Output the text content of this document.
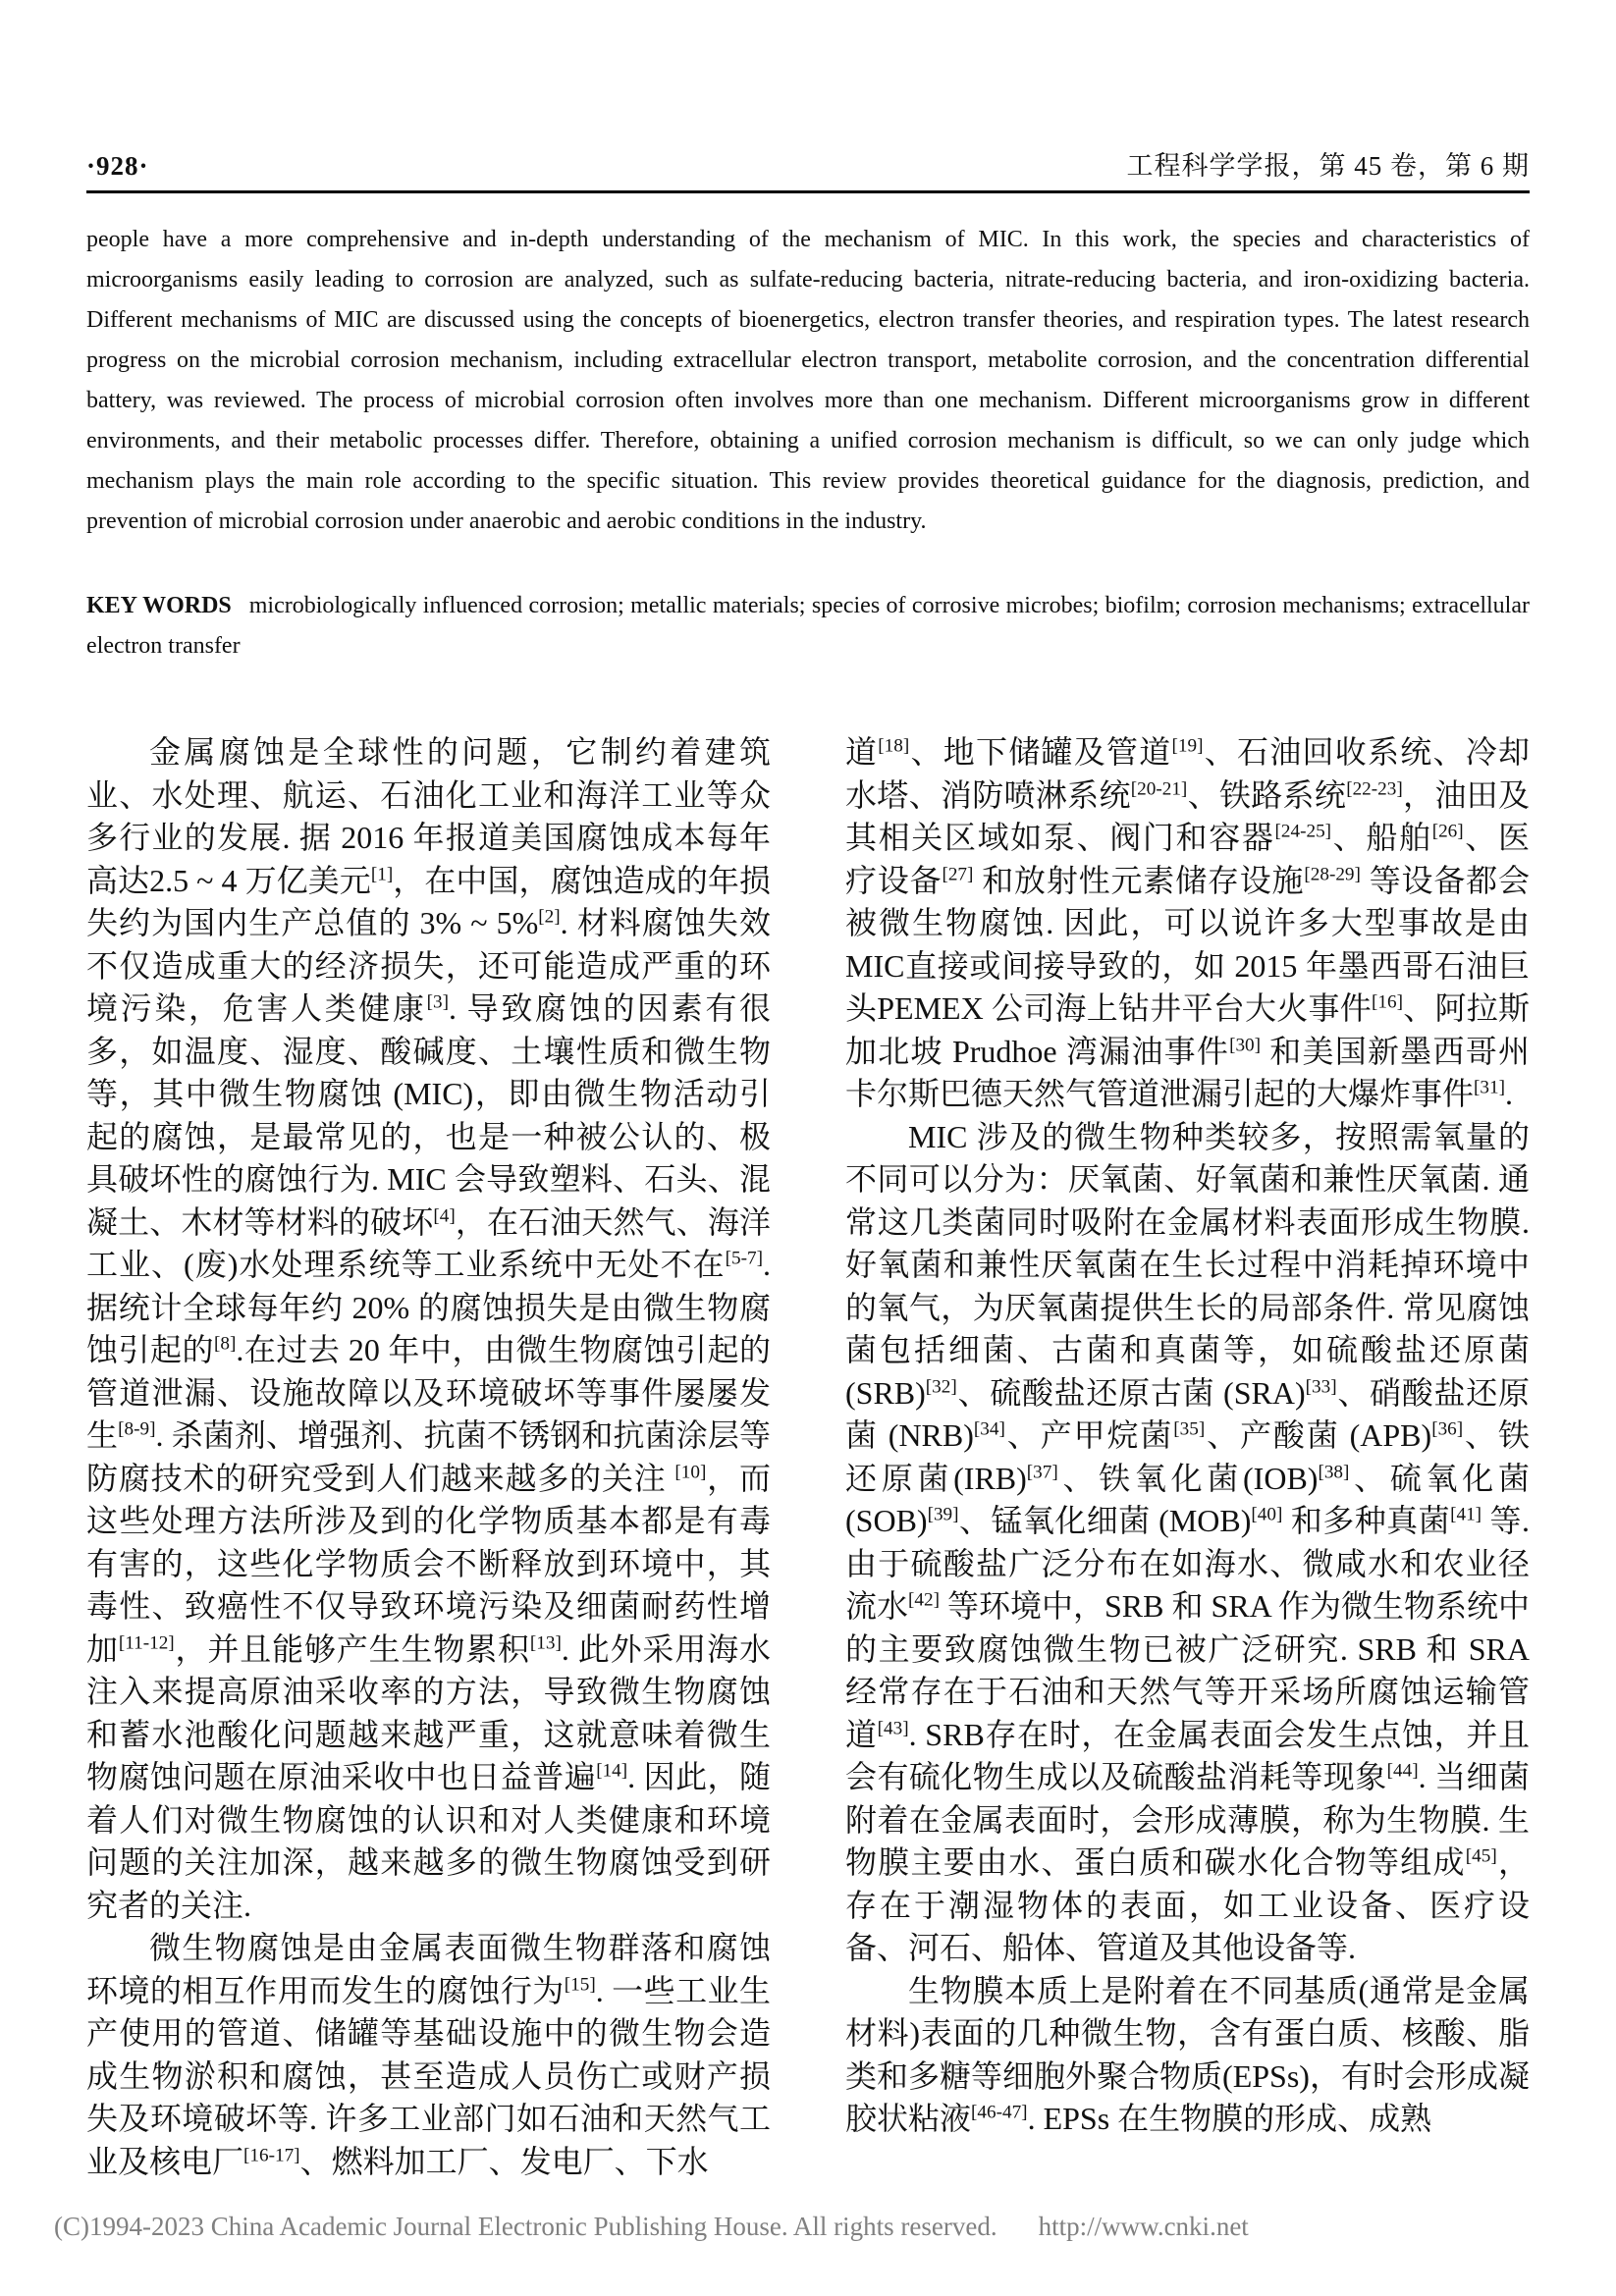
·928·	工程科学学报，第 45 卷，第 6 期

people have a more comprehensive and in-depth understanding of the mechanism of MIC. In this work, the species and characteristics of microorganisms easily leading to corrosion are analyzed, such as sulfate-reducing bacteria, nitrate-reducing bacteria, and iron-oxidizing bacteria. Different mechanisms of MIC are discussed using the concepts of bioenergetics, electron transfer theories, and respiration types. The latest research progress on the microbial corrosion mechanism, including extracellular electron transport, metabolite corrosion, and the concentration differential battery, was reviewed. The process of microbial corrosion often involves more than one mechanism. Different microorganisms grow in different environments, and their metabolic processes differ. Therefore, obtaining a unified corrosion mechanism is difficult, so we can only judge which mechanism plays the main role according to the specific situation. This review provides theoretical guidance for the diagnosis, prediction, and prevention of microbial corrosion under anaerobic and aerobic conditions in the industry.

KEY WORDS microbiologically influenced corrosion; metallic materials; species of corrosive microbes; biofilm; corrosion mechanisms; extracellular electron transfer

金属腐蚀是全球性的问题，它制约着建筑业、水处理、航运、石油化工业和海洋工业等众多行业的发展. 据 2016 年报道美国腐蚀成本每年高达2.5 ~ 4 万亿美元[1]，在中国，腐蚀造成的年损失约为国内生产总值的 3% ~ 5%[2]. 材料腐蚀失效不仅造成重大的经济损失，还可能造成严重的环境污染，危害人类健康[3]. 导致腐蚀的因素有很多，如温度、湿度、酸碱度、土壤性质和微生物等，其中微生物腐蚀 (MIC)，即由微生物活动引起的腐蚀，是最常见的，也是一种被公认的、极具破坏性的腐蚀行为. MIC 会导致塑料、石头、混凝土、木材等材料的破坏[4]，在石油天然气、海洋工业、(废)水处理系统等工业系统中无处不在[5-7]. 据统计全球每年约 20% 的腐蚀损失是由微生物腐蚀引起的[8].在过去 20 年中，由微生物腐蚀引起的管道泄漏、设施故障以及环境破坏等事件屡屡发生[8-9]. 杀菌剂、增强剂、抗菌不锈钢和抗菌涂层等防腐技术的研究受到人们越来越多的关注 [10]，而这些处理方法所涉及到的化学物质基本都是有毒有害的，这些化学物质会不断释放到环境中，其毒性、致癌性不仅导致环境污染及细菌耐药性增加[11-12]，并且能够产生生物累积[13]. 此外采用海水注入来提高原油采收率的方法，导致微生物腐蚀和蓄水池酸化问题越来越严重，这就意味着微生物腐蚀问题在原油采收中也日益普遍[14]. 因此，随着人们对微生物腐蚀的认识和对人类健康和环境问题的关注加深，越来越多的微生物腐蚀受到研究者的关注.

微生物腐蚀是由金属表面微生物群落和腐蚀环境的相互作用而发生的腐蚀行为[15]. 一些工业生产使用的管道、储罐等基础设施中的微生物会造成生物淤积和腐蚀，甚至造成人员伤亡或财产损失及环境破坏等. 许多工业部门如石油和天然气工业及核电厂[16-17]、燃料加工厂、发电厂、下水

道[18]、地下储罐及管道[19]、石油回收系统、冷却水塔、消防喷淋系统[20-21]、铁路系统[22-23]，油田及其相关区域如泵、阀门和容器[24-25]、船舶[26]、医疗设备[27] 和放射性元素储存设施[28-29] 等设备都会被微生物腐蚀. 因此，可以说许多大型事故是由 MIC直接或间接导致的，如 2015 年墨西哥石油巨头PEMEX 公司海上钻井平台大火事件[16]、阿拉斯加北坡 Prudhoe 湾漏油事件[30] 和美国新墨西哥州卡尔斯巴德天然气管道泄漏引起的大爆炸事件[31].

MIC 涉及的微生物种类较多，按照需氧量的不同可以分为：厌氧菌、好氧菌和兼性厌氧菌. 通常这几类菌同时吸附在金属材料表面形成生物膜. 好氧菌和兼性厌氧菌在生长过程中消耗掉环境中的氧气，为厌氧菌提供生长的局部条件. 常见腐蚀菌包括细菌、古菌和真菌等，如硫酸盐还原菌 (SRB)[32]、硫酸盐还原古菌 (SRA)[33]、硝酸盐还原菌 (NRB)[34]、产甲烷菌[35]、产酸菌 (APB)[36]、铁还原菌(IRB)[37]、铁氧化菌(IOB)[38]、硫氧化菌(SOB)[39]、锰氧化细菌 (MOB)[40] 和多种真菌[41] 等. 由于硫酸盐广泛分布在如海水、微咸水和农业径流水[42] 等环境中，SRB 和 SRA 作为微生物系统中的主要致腐蚀微生物已被广泛研究. SRB 和 SRA 经常存在于石油和天然气等开采场所腐蚀运输管道[43]. SRB存在时，在金属表面会发生点蚀，并且会有硫化物生成以及硫酸盐消耗等现象[44]. 当细菌附着在金属表面时，会形成薄膜，称为生物膜. 生物膜主要由水、蛋白质和碳水化合物等组成[45]，存在于潮湿物体的表面，如工业设备、医疗设备、河石、船体、管道及其他设备等.

生物膜本质上是附着在不同基质(通常是金属材料)表面的几种微生物，含有蛋白质、核酸、脂类和多糖等细胞外聚合物质(EPSs)，有时会形成凝胶状粘液[46-47]. EPSs 在生物膜的形成、成熟

(C)1994-2023 China Academic Journal Electronic Publishing House. All rights reserved. http://www.cnki.net
